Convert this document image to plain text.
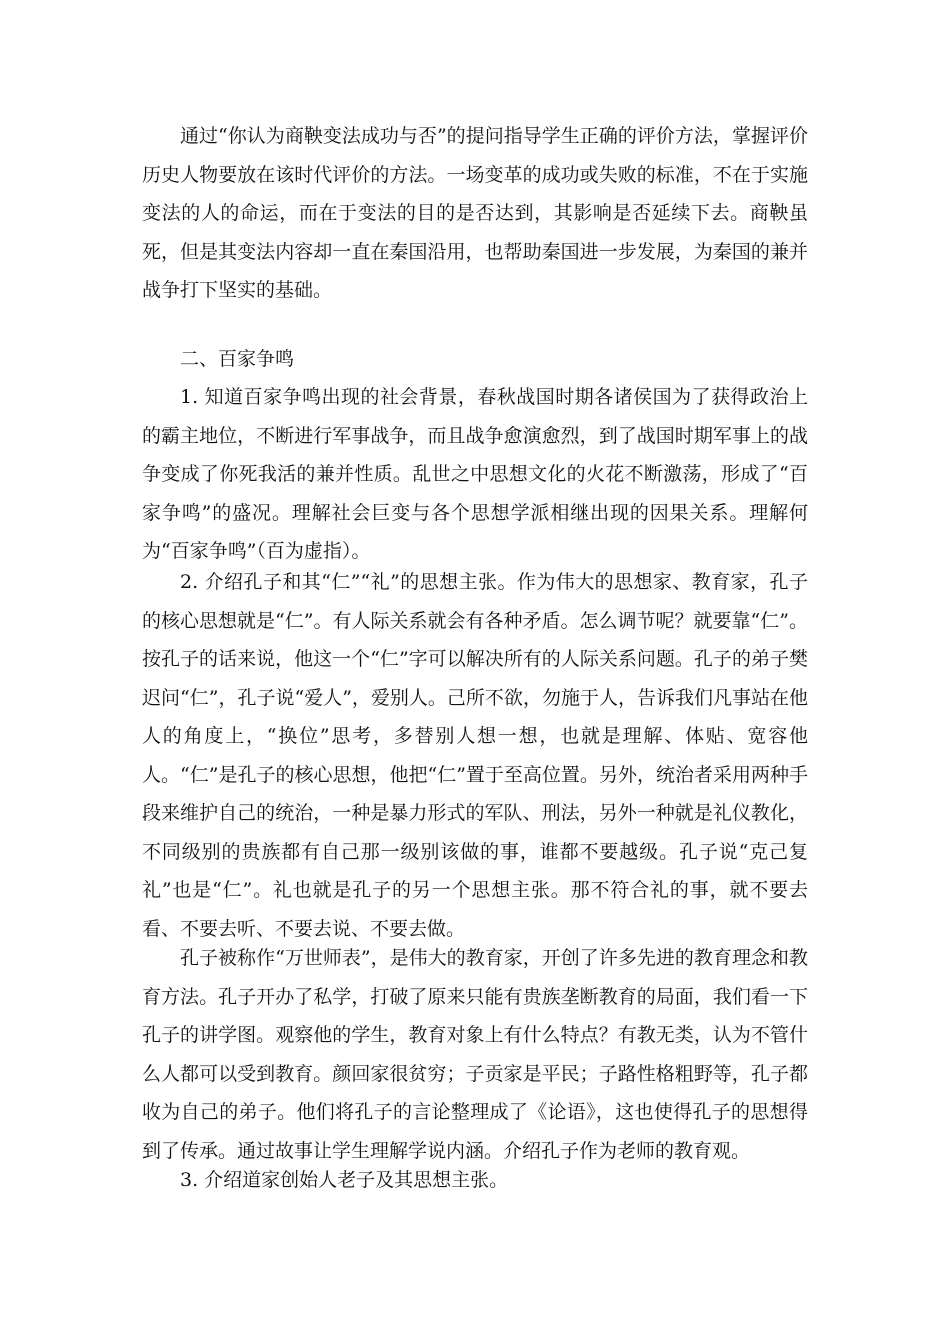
通过“你认为商鞅变法成功与否”的提问指导学生正确的评价方法，掌握评价历史人物要放在该时代评价的方法。一场变革的成功或失败的标准，不在于实施变法的人的命运，而在于变法的目的是否达到，其影响是否延续下去。商鞅虽死，但是其变法内容却一直在秦国沿用，也帮助秦国进一步发展，为秦国的兼并战争打下坚实的基础。

二、百家争鸣

1. 知道百家争鸣出现的社会背景，春秋战国时期各诸侯国为了获得政治上的霸主地位，不断进行军事战争，而且战争愈演愈烈，到了战国时期军事上的战争变成了你死我活的兼并性质。乱世之中思想文化的火花不断激荡，形成了“百家争鸣”的盛况。理解社会巨变与各个思想学派相继出现的因果关系。理解何为“百家争鸣”（百为虚指）。

2. 介绍孔子和其“仁”“礼”的思想主张。作为伟大的思想家、教育家，孔子的核心思想就是“仁”。有人际关系就会有各种矛盾。怎么调节呢？就要靠“仁”。按孔子的话来说，他这一个“仁”字可以解决所有的人际关系问题。孔子的弟子樊迟问“仁”，孔子说“爱人”，爱别人。己所不欲，勿施于人，告诉我们凡事站在他人的角度上，“换位”思考，多替别人想一想，也就是理解、体贴、宽容他人。“仁”是孔子的核心思想，他把“仁”置于至高位置。另外，统治者采用两种手段来维护自己的统治，一种是暴力形式的军队、刑法，另外一种就是礼仪教化，不同级别的贵族都有自己那一级别该做的事，谁都不要越级。孔子说“克己复礼”也是“仁”。礼也就是孔子的另一个思想主张。那不符合礼的事，就不要去看、不要去听、不要去说、不要去做。

孔子被称作“万世师表”，是伟大的教育家，开创了许多先进的教育理念和教育方法。孔子开办了私学，打破了原来只能有贵族垄断教育的局面，我们看一下孔子的讲学图。观察他的学生，教育对象上有什么特点？有教无类，认为不管什么人都可以受到教育。颜回家很贫穷；子贡家是平民；子路性格粗野等，孔子都收为自己的弟子。他们将孔子的言论整理成了《论语》，这也使得孔子的思想得到了传承。通过故事让学生理解学说内涵。介绍孔子作为老师的教育观。

3. 介绍道家创始人老子及其思想主张。
